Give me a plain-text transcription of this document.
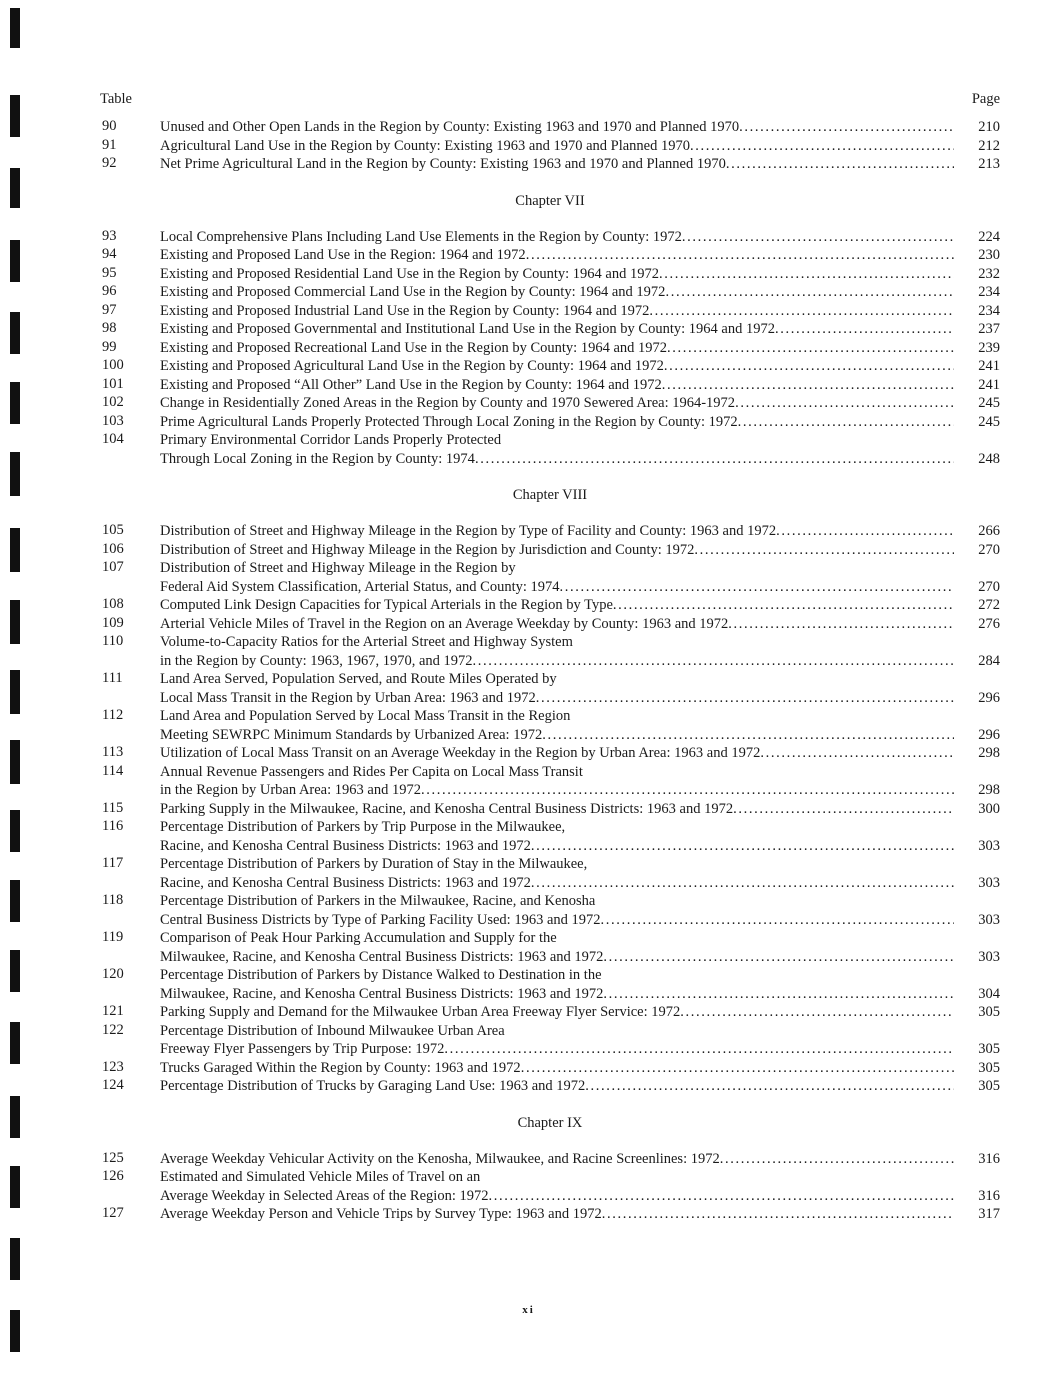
Table	Page
90	Unused and Other Open Lands in the Region by County: Existing 1963 and 1970 and Planned 1970 . . .	210
91	Agricultural Land Use in the Region by County: Existing 1963 and 1970 and Planned 1970 . . .	212
92	Net Prime Agricultural Land in the Region by County: Existing 1963 and 1970 and Planned 1970 . . .	213
Chapter VII
93	Local Comprehensive Plans Including Land Use Elements in the Region by County: 1972 . . .	224
94	Existing and Proposed Land Use in the Region: 1964 and 1972 . . .	230
95	Existing and Proposed Residential Land Use in the Region by County: 1964 and 1972 . . .	232
96	Existing and Proposed Commercial Land Use in the Region by County: 1964 and 1972 . . .	234
97	Existing and Proposed Industrial Land Use in the Region by County: 1964 and 1972 . . .	234
98	Existing and Proposed Governmental and Institutional Land Use in the Region by County: 1964 and 1972 . . .	237
99	Existing and Proposed Recreational Land Use in the Region by County: 1964 and 1972 . . .	239
100	Existing and Proposed Agricultural Land Use in the Region by County: 1964 and 1972 . . .	241
101	Existing and Proposed “All Other” Land Use in the Region by County: 1964 and 1972 . . .	241
102	Change in Residentially Zoned Areas in the Region by County and 1970 Sewered Area: 1964-1972 . . .	245
103	Prime Agricultural Lands Properly Protected Through Local Zoning in the Region by County: 1972 . . .	245
104	Primary Environmental Corridor Lands Properly Protected
Through Local Zoning in the Region by County: 1974 . . .	248
Chapter VIII
105	Distribution of Street and Highway Mileage in the Region by Type of Facility and County: 1963 and 1972 . . .	266
106	Distribution of Street and Highway Mileage in the Region by Jurisdiction and County: 1972 . . .	270
107	Distribution of Street and Highway Mileage in the Region by
Federal Aid System Classification, Arterial Status, and County: 1974 . . .	270
108	Computed Link Design Capacities for Typical Arterials in the Region by Type . . .	272
109	Arterial Vehicle Miles of Travel in the Region on an Average Weekday by County: 1963 and 1972 . . .	276
110	Volume-to-Capacity Ratios for the Arterial Street and Highway System
in the Region by County: 1963, 1967, 1970, and 1972 . . .	284
111	Land Area Served, Population Served, and Route Miles Operated by
Local Mass Transit in the Region by Urban Area: 1963 and 1972 . . .	296
112	Land Area and Population Served by Local Mass Transit in the Region
Meeting SEWRPC Minimum Standards by Urbanized Area: 1972 . . .	296
113	Utilization of Local Mass Transit on an Average Weekday in the Region by Urban Area: 1963 and 1972 . . .	298
114	Annual Revenue Passengers and Rides Per Capita on Local Mass Transit
in the Region by Urban Area: 1963 and 1972 . . .	298
115	Parking Supply in the Milwaukee, Racine, and Kenosha Central Business Districts: 1963 and 1972 . . .	300
116	Percentage Distribution of Parkers by Trip Purpose in the Milwaukee,
Racine, and Kenosha Central Business Districts: 1963 and 1972 . . .	303
117	Percentage Distribution of Parkers by Duration of Stay in the Milwaukee,
Racine, and Kenosha Central Business Districts: 1963 and 1972 . . .	303
118	Percentage Distribution of Parkers in the Milwaukee, Racine, and Kenosha
Central Business Districts by Type of Parking Facility Used: 1963 and 1972 . . .	303
119	Comparison of Peak Hour Parking Accumulation and Supply for the
Milwaukee, Racine, and Kenosha Central Business Districts: 1963 and 1972 . . .	303
120	Percentage Distribution of Parkers by Distance Walked to Destination in the
Milwaukee, Racine, and Kenosha Central Business Districts: 1963 and 1972 . . .	304
121	Parking Supply and Demand for the Milwaukee Urban Area Freeway Flyer Service: 1972 . . .	305
122	Percentage Distribution of Inbound Milwaukee Urban Area
Freeway Flyer Passengers by Trip Purpose: 1972 . . .	305
123	Trucks Garaged Within the Region by County: 1963 and 1972 . . .	305
124	Percentage Distribution of Trucks by Garaging Land Use: 1963 and 1972 . . .	305
Chapter IX
125	Average Weekday Vehicular Activity on the Kenosha, Milwaukee, and Racine Screenlines: 1972 . . .	316
126	Estimated and Simulated Vehicle Miles of Travel on an
Average Weekday in Selected Areas of the Region: 1972 . . .	316
127	Average Weekday Person and Vehicle Trips by Survey Type: 1963 and 1972 . . .	317
xi
